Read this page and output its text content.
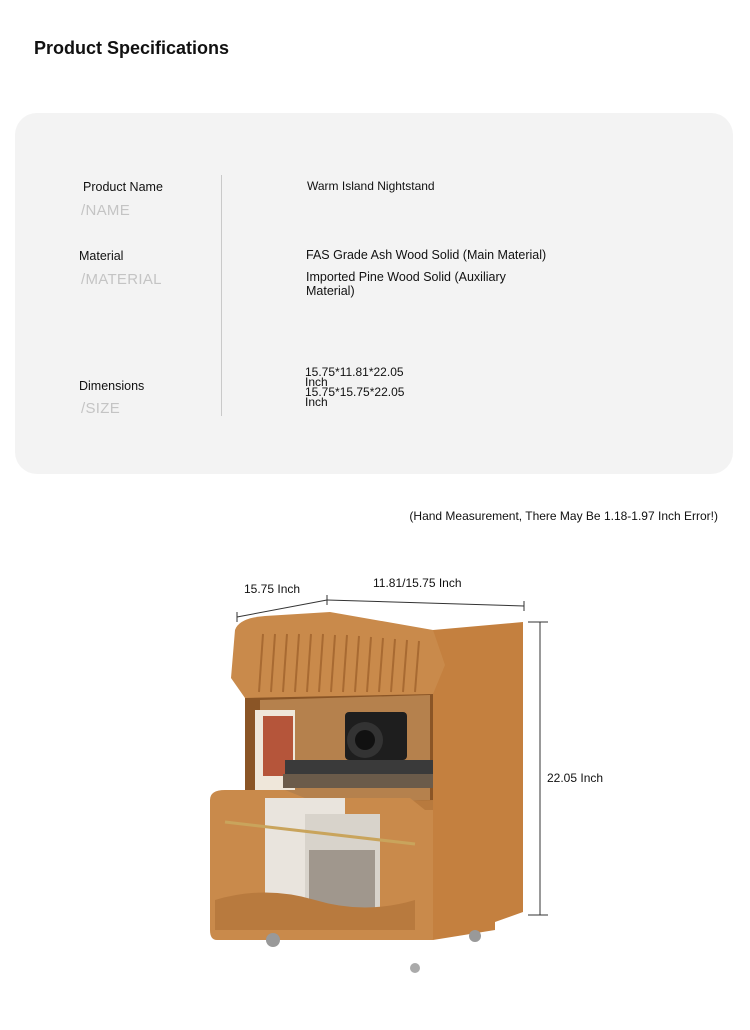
Product Specifications
Product Name
/NAME
Warm Island Nightstand
Material
/MATERIAL
FAS Grade Ash Wood Solid (Main Material)
Imported Pine Wood Solid (Auxiliary Material)
Dimensions
/SIZE
15.75*11.81*22.05 Inch
15.75*15.75*22.05 Inch
(Hand Measurement, There May Be 1.18-1.97 Inch Error!)
15.75 Inch	11.81/15.75 Inch
22.05 Inch
